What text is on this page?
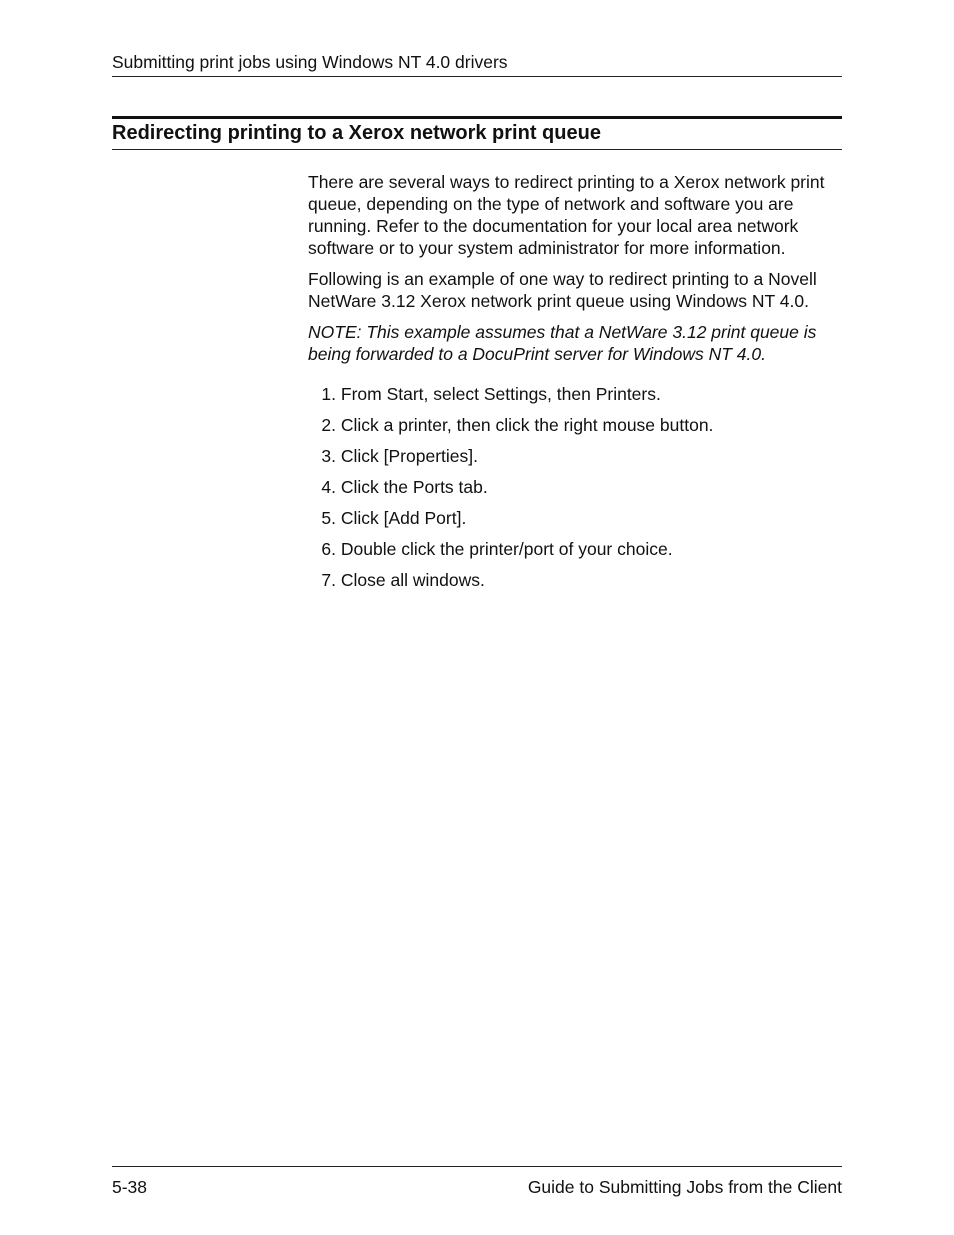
Submitting print jobs using Windows NT 4.0 drivers
Redirecting printing to a Xerox network print queue

There are several ways to redirect printing to a Xerox network print queue, depending on the type of network and software you are running. Refer to the documentation for your local area network software or to your system administrator for more information.

Following is an example of one way to redirect printing to a Novell NetWare 3.12 Xerox network print queue using Windows NT 4.0.

NOTE: This example assumes that a NetWare 3.12 print queue is being forwarded to a DocuPrint server for Windows NT 4.0.

1.
From Start, select Settings, then Printers.
2.
Click a printer, then click the right mouse button.
3.
Click [Properties].
4.
Click the Ports tab.
5.
Click [Add Port].
6.
Double click the printer/port of your choice.
7.
Close all windows.
5-38	Guide to Submitting Jobs from the Client
